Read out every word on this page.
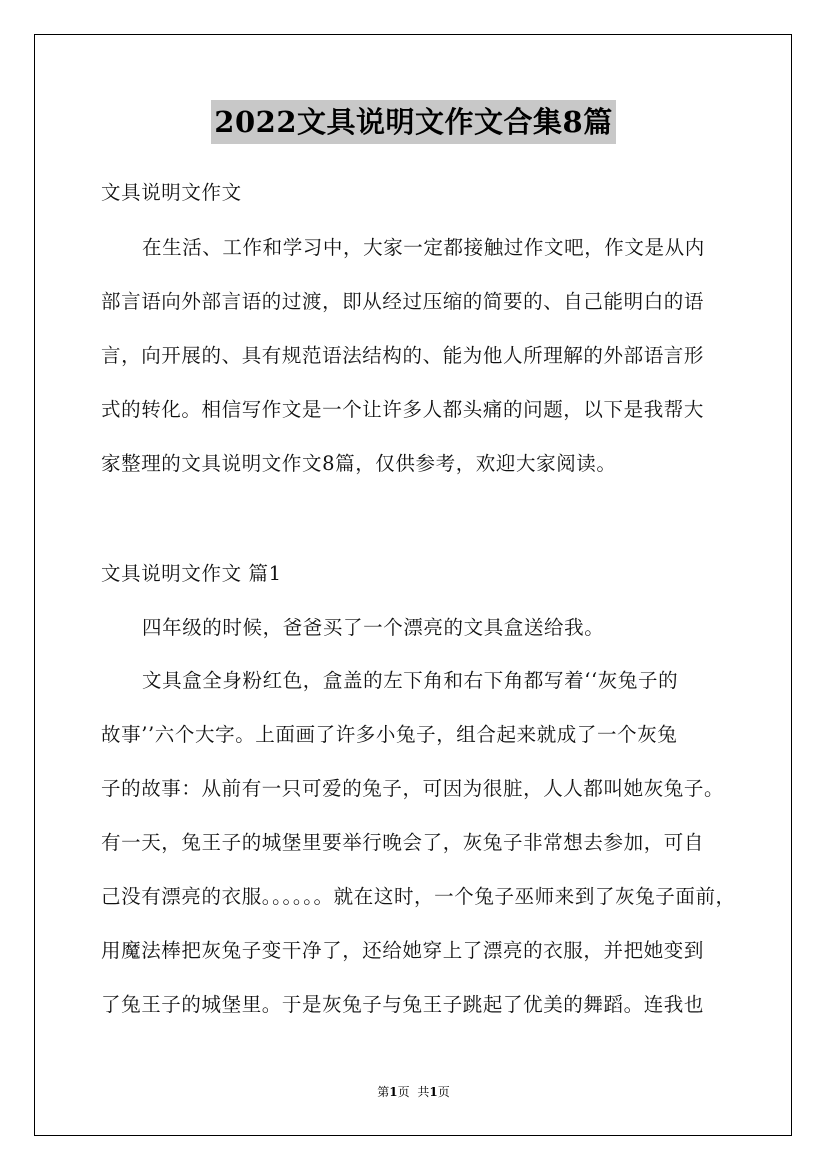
2022文具说明文作文合集8篇

文具说明文作文

在生活、工作和学习中，大家一定都接触过作文吧，作文是从内

部言语向外部言语的过渡，即从经过压缩的简要的、自己能明白的语

言，向开展的、具有规范语法结构的、能为他人所理解的外部语言形

式的转化。相信写作文是一个让许多人都头痛的问题，以下是我帮大

家整理的文具说明文作文8篇，仅供参考，欢迎大家阅读。

文具说明文作文 篇1

四年级的时候，爸爸买了一个漂亮的文具盒送给我。

文具盒全身粉红色，盒盖的左下角和右下角都写着‘‘灰兔子的

故事’’六个大字。上面画了许多小兔子，组合起来就成了一个灰兔

子的故事：从前有一只可爱的兔子，可因为很脏，人人都叫她灰兔子。

有一天，兔王子的城堡里要举行晚会了，灰兔子非常想去参加，可自

己没有漂亮的衣服。。。。。。就在这时，一个兔子巫师来到了灰兔子面前，

用魔法棒把灰兔子变干净了，还给她穿上了漂亮的衣服，并把她变到

了兔王子的城堡里。于是灰兔子与兔王子跳起了优美的舞蹈。连我也

第1页 共1页
